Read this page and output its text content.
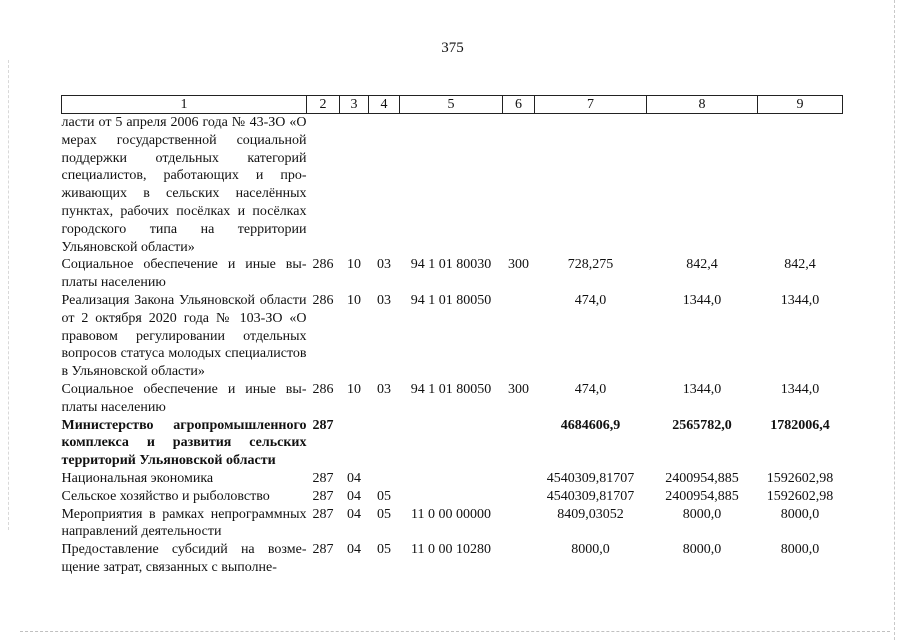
375
1	2	3	4	5	6	7	8	9
ласти от 5 апреля 2006 года № 43-ЗО «О мерах государственной социальной поддержки отдельных категорий специалистов, работающих и проживающих в сельских населённых пунктах, рабочих посёлках и посёлках городского типа на территории Ульяновской области»								
Социальное обеспечение и иные выплаты населению	286	10	03	94 1 01 80030	300	728,275	842,4	842,4
Реализация Закона Ульяновской области от 2 октября 2020 года № 103-ЗО «О правовом регулировании отдельных вопросов статуса молодых специалистов в Ульяновской области»	286	10	03	94 1 01 80050		474,0	1344,0	1344,0
Социальное обеспечение и иные выплаты населению	286	10	03	94 1 01 80050	300	474,0	1344,0	1344,0
Министерство агропромышленного комплекса и развития сельских территорий Ульяновской области	287					4684606,9	2565782,0	1782006,4
Национальная экономика	287	04				4540309,81707	2400954,885	1592602,98
Сельское хозяйство и рыболовство	287	04	05			4540309,81707	2400954,885	1592602,98
Мероприятия в рамках непрограммных направлений деятельности	287	04	05	11 0 00 00000		8409,03052	8000,0	8000,0
Предоставление субсидий на возмещение затрат, связанных с выполне-	287	04	05	11 0 00 10280		8000,0	8000,0	8000,0
